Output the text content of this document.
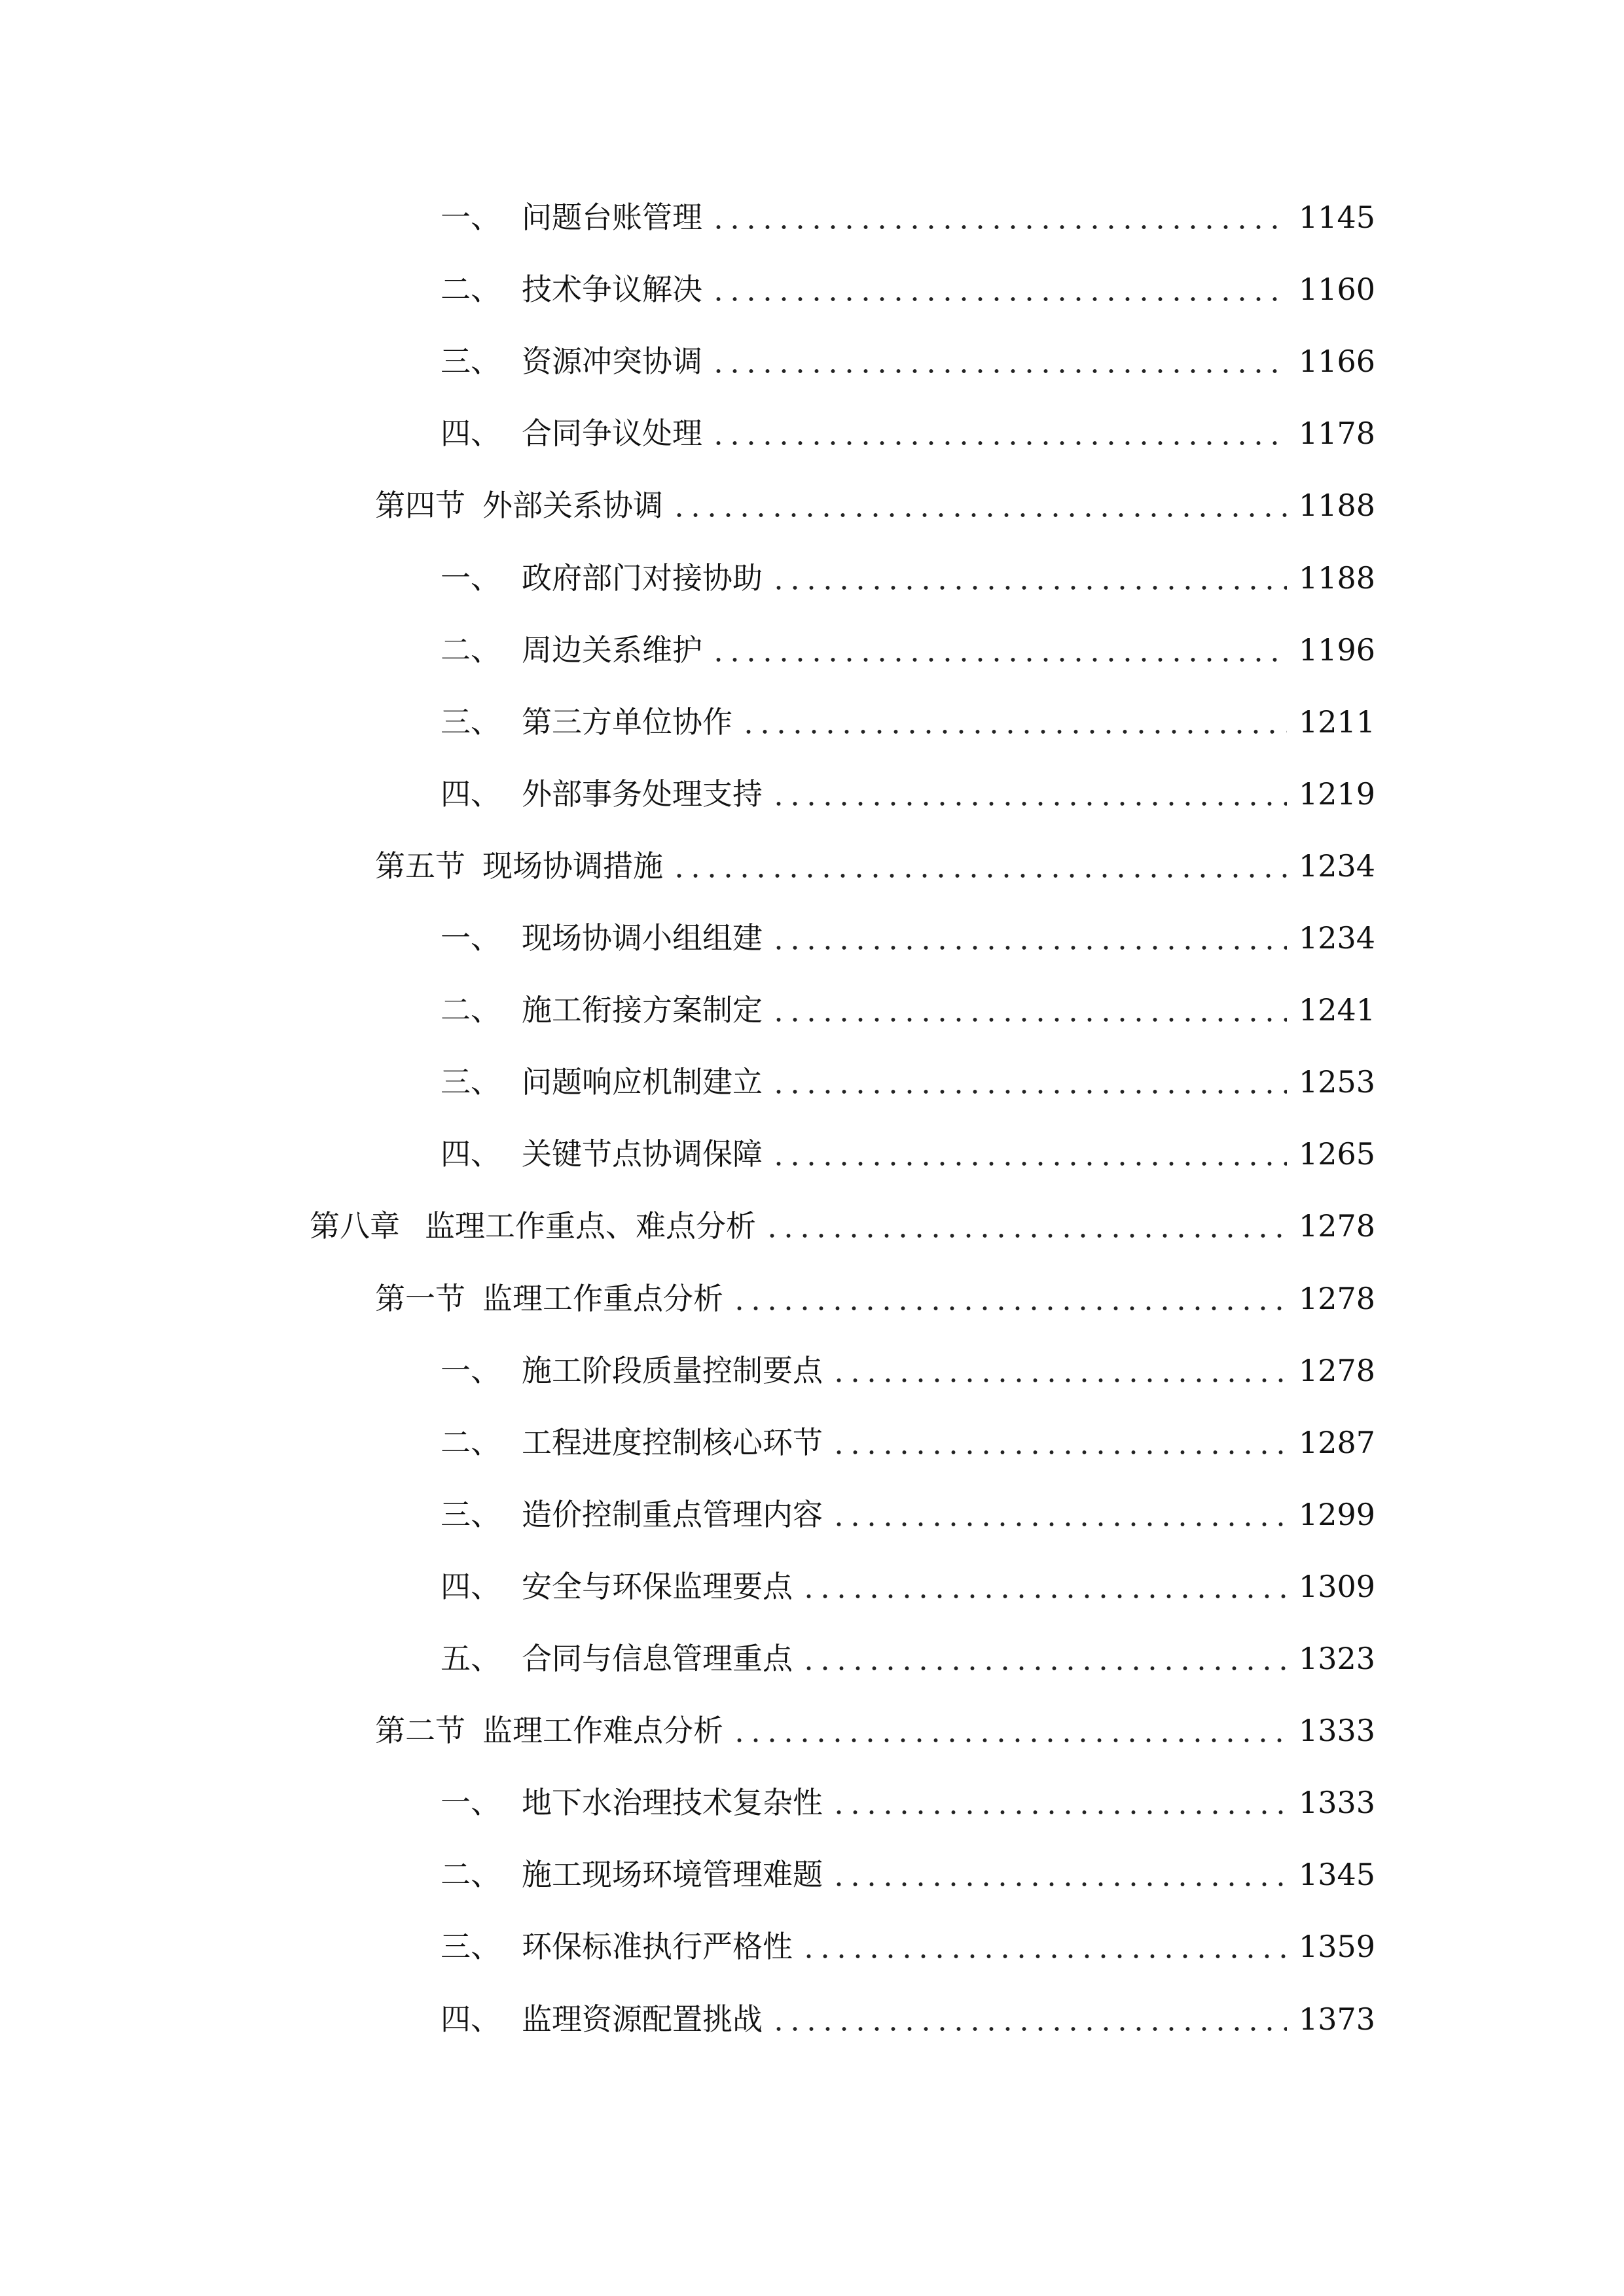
一、 问题台账管理	1145
二、 技术争议解决	1160
三、 资源冲突协调	1166
四、 合同争议处理	1178
第四节 外部关系协调	1188
一、 政府部门对接协助	1188
二、 周边关系维护	1196
三、 第三方单位协作	1211
四、 外部事务处理支持	1219
第五节 现场协调措施	1234
一、 现场协调小组组建	1234
二、 施工衔接方案制定	1241
三、 问题响应机制建立	1253
四、 关键节点协调保障	1265
第八章 监理工作重点、难点分析	1278
第一节 监理工作重点分析	1278
一、 施工阶段质量控制要点	1278
二、 工程进度控制核心环节	1287
三、 造价控制重点管理内容	1299
四、 安全与环保监理要点	1309
五、 合同与信息管理重点	1323
第二节 监理工作难点分析	1333
一、 地下水治理技术复杂性	1333
二、 施工现场环境管理难题	1345
三、 环保标准执行严格性	1359
四、 监理资源配置挑战	1373
